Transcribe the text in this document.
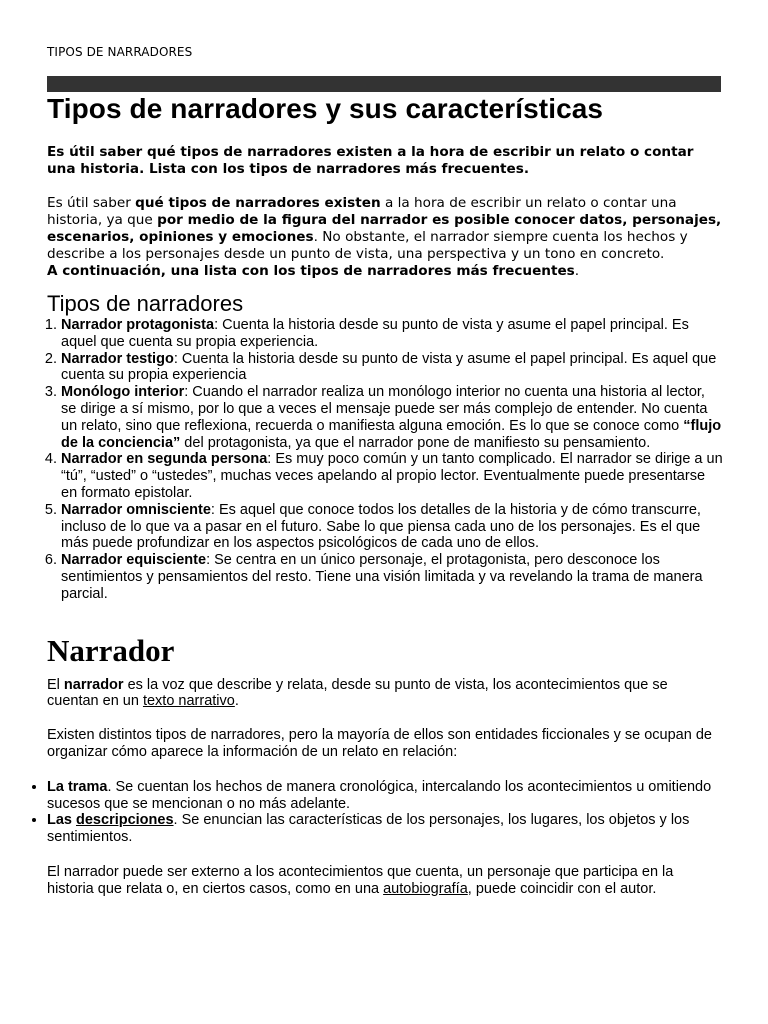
TIPOS DE NARRADORES
Tipos de narradores y sus características

Es útil saber qué tipos de narradores existen a la hora de escribir un relato o contar una historia. Lista con los tipos de narradores más frecuentes.

Es útil saber qué tipos de narradores existen a la hora de escribir un relato o contar una historia, ya que por medio de la figura del narrador es posible conocer datos, personajes, escenarios, opiniones y emociones. No obstante, el narrador siempre cuenta los hechos y describe a los personajes desde un punto de vista, una perspectiva y un tono en concreto.
A continuación, una lista con los tipos de narradores más frecuentes.

Tipos de narradores
1. Narrador protagonista: Cuenta la historia desde su punto de vista y asume el papel principal. Es aquel que cuenta su propia experiencia.
2. Narrador testigo: Cuenta la historia desde su punto de vista y asume el papel principal. Es aquel que cuenta su propia experiencia
3. Monólogo interior: Cuando el narrador realiza un monólogo interior no cuenta una historia al lector, se dirige a sí mismo, por lo que a veces el mensaje puede ser más complejo de entender. No cuenta un relato, sino que reflexiona, recuerda o manifiesta alguna emoción. Es lo que se conoce como “flujo de la conciencia” del protagonista, ya que el narrador pone de manifiesto su pensamiento.
4. Narrador en segunda persona: Es muy poco común y un tanto complicado. El narrador se dirige a un “tú”, “usted” o “ustedes”, muchas veces apelando al propio lector. Eventualmente puede presentarse en formato epistolar.
5. Narrador omnisciente: Es aquel que conoce todos los detalles de la historia y de cómo transcurre, incluso de lo que va a pasar en el futuro. Sabe lo que piensa cada uno de los personajes. Es el que más puede profundizar en los aspectos psicológicos de cada uno de ellos.
6. Narrador equisciente: Se centra en un único personaje, el protagonista, pero desconoce los sentimientos y pensamientos del resto. Tiene una visión limitada y va revelando la trama de manera parcial.
Narrador

El narrador es la voz que describe y relata, desde su punto de vista, los acontecimientos que se cuentan en un texto narrativo.

Existen distintos tipos de narradores, pero la mayoría de ellos son entidades ficcionales y se ocupan de organizar cómo aparece la información de un relato en relación:

• La trama. Se cuentan los hechos de manera cronológica, intercalando los acontecimientos u omitiendo sucesos que se mencionan o no más adelante.
• Las descripciones. Se enuncian las características de los personajes, los lugares, los objetos y los sentimientos.

El narrador puede ser externo a los acontecimientos que cuenta, un personaje que participa en la historia que relata o, en ciertos casos, como en una autobiografía, puede coincidir con el autor.
